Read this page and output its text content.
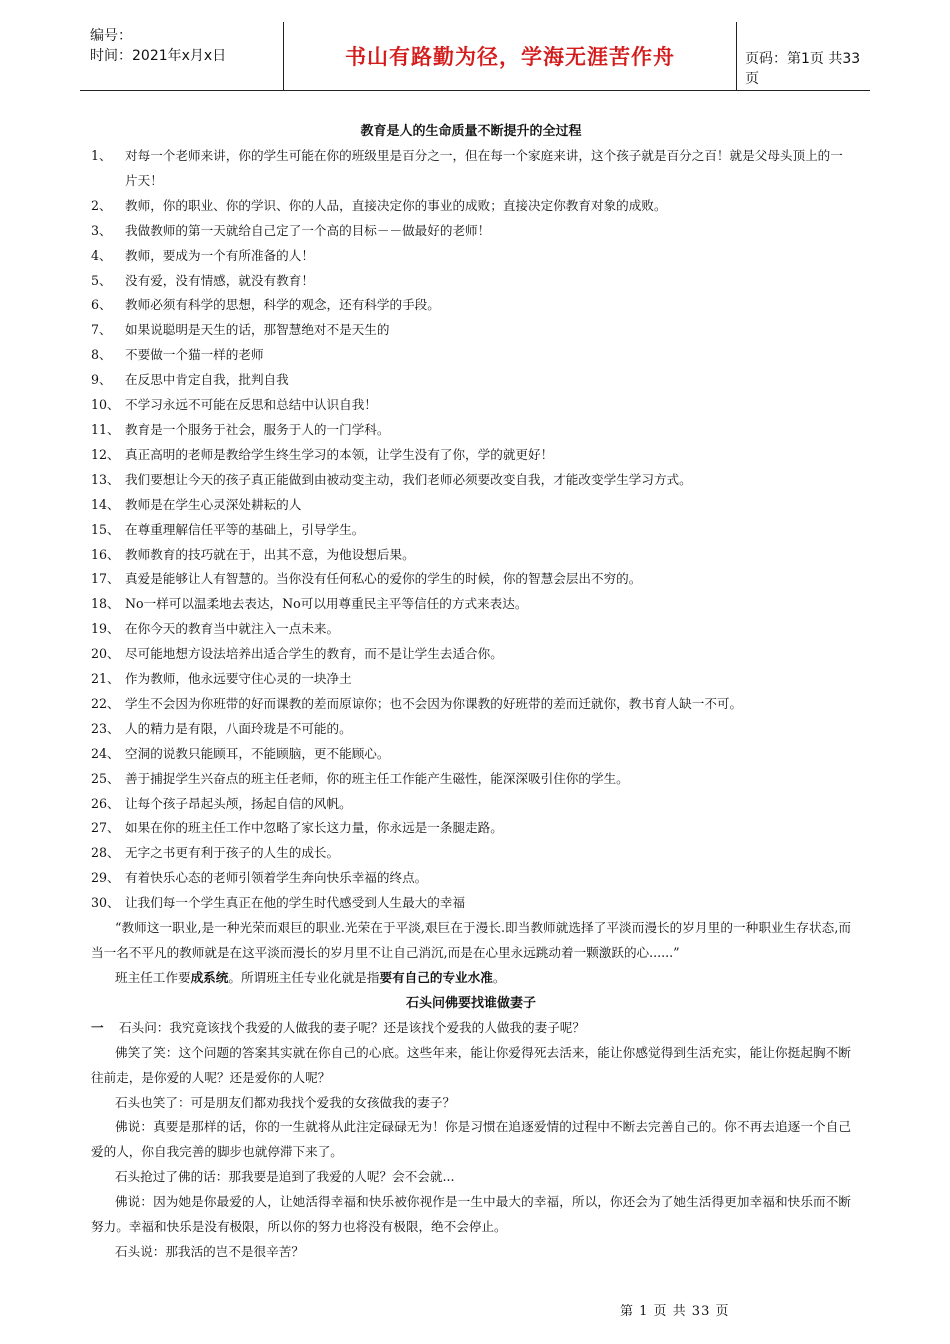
编号：
时间：2021年x月x日	书山有路勤为径，学海无涯苦作舟	页码：第1页 共33页
教育是人的生命质量不断提升的全过程
1、	对每一个老师来讲，你的学生可能在你的班级里是百分之一，但在每一个家庭来讲，这个孩子就是百分之百！就是父母头顶上的一片天！
2、	教师，你的职业、你的学识、你的人品，直接决定你的事业的成败；直接决定你教育对象的成败。
3、	我做教师的第一天就给自己定了一个高的目标－－做最好的老师！
4、	教师，要成为一个有所准备的人！
5、	没有爱，没有情感，就没有教育！
6、	教师必须有科学的思想，科学的观念，还有科学的手段。
7、	如果说聪明是天生的话，那智慧绝对不是天生的
8、	不要做一个猫一样的老师
9、	在反思中肯定自我，批判自我
10、 不学习永远不可能在反思和总结中认识自我！
11、 教育是一个服务于社会，服务于人的一门学科。
12、 真正高明的老师是教给学生终生学习的本领，让学生没有了你，学的就更好！
13、 我们要想让今天的孩子真正能做到由被动变主动，我们老师必须要改变自我，才能改变学生学习方式。
14、 教师是在学生心灵深处耕耘的人
15、 在尊重理解信任平等的基础上，引导学生。
16、 教师教育的技巧就在于，出其不意，为他设想后果。
17、 真爱是能够让人有智慧的。当你没有任何私心的爱你的学生的时候，你的智慧会层出不穷的。
18、 No一样可以温柔地去表达，No可以用尊重民主平等信任的方式来表达。
19、 在你今天的教育当中就注入一点未来。
20、 尽可能地想方设法培养出适合学生的教育，而不是让学生去适合你。
21、 作为教师，他永远要守住心灵的一块净土
22、 学生不会因为你班带的好而课教的差而原谅你；也不会因为你课教的好班带的差而迁就你，教书育人缺一不可。
23、 人的精力是有限，八面玲珑是不可能的。
24、 空洞的说教只能顾耳，不能顾脑，更不能顾心。
25、 善于捕捉学生兴奋点的班主任老师，你的班主任工作能产生磁性，能深深吸引住你的学生。
26、 让每个孩子昂起头颅，扬起自信的风帆。
27、 如果在你的班主任工作中忽略了家长这力量，你永远是一条腿走路。
28、 无字之书更有利于孩子的人生的成长。
29、 有着快乐心态的老师引领着学生奔向快乐幸福的终点。
30、 让我们每一个学生真正在他的学生时代感受到人生最大的幸福
“教师这一职业,是一种光荣而艰巨的职业.光荣在于平淡,艰巨在于漫长.即当教师就选择了平淡而漫长的岁月里的一种职业生存状态,而当一名不平凡的教师就是在这平淡而漫长的岁月里不让自己消沉,而是在心里永远跳动着一颗激跃的心......”
班主任工作要成系统。所谓班主任专业化就是指要有自己的专业水准。
石头问佛要找谁做妻子
一 石头问：我究竟该找个我爱的人做我的妻子呢？还是该找个爱我的人做我的妻子呢？
佛笑了笑：这个问题的答案其实就在你自己的心底。这些年来，能让你爱得死去活来，能让你感觉得到生活充实，能让你挺起胸不断往前走，是你爱的人呢？还是爱你的人呢？
石头也笑了：可是朋友们都劝我找个爱我的女孩做我的妻子？
佛说：真要是那样的话，你的一生就将从此注定碌碌无为！你是习惯在追逐爱情的过程中不断去完善自己的。你不再去追逐一个自己爱的人，你自我完善的脚步也就停滞下来了。
石头抢过了佛的话：那我要是追到了我爱的人呢？会不会就...
佛说：因为她是你最爱的人，让她活得幸福和快乐被你视作是一生中最大的幸福，所以，你还会为了她生活得更加幸福和快乐而不断努力。幸福和快乐是没有极限，所以你的努力也将没有极限，绝不会停止。
石头说：那我活的岂不是很辛苦？
第 1 页 共 33 页
